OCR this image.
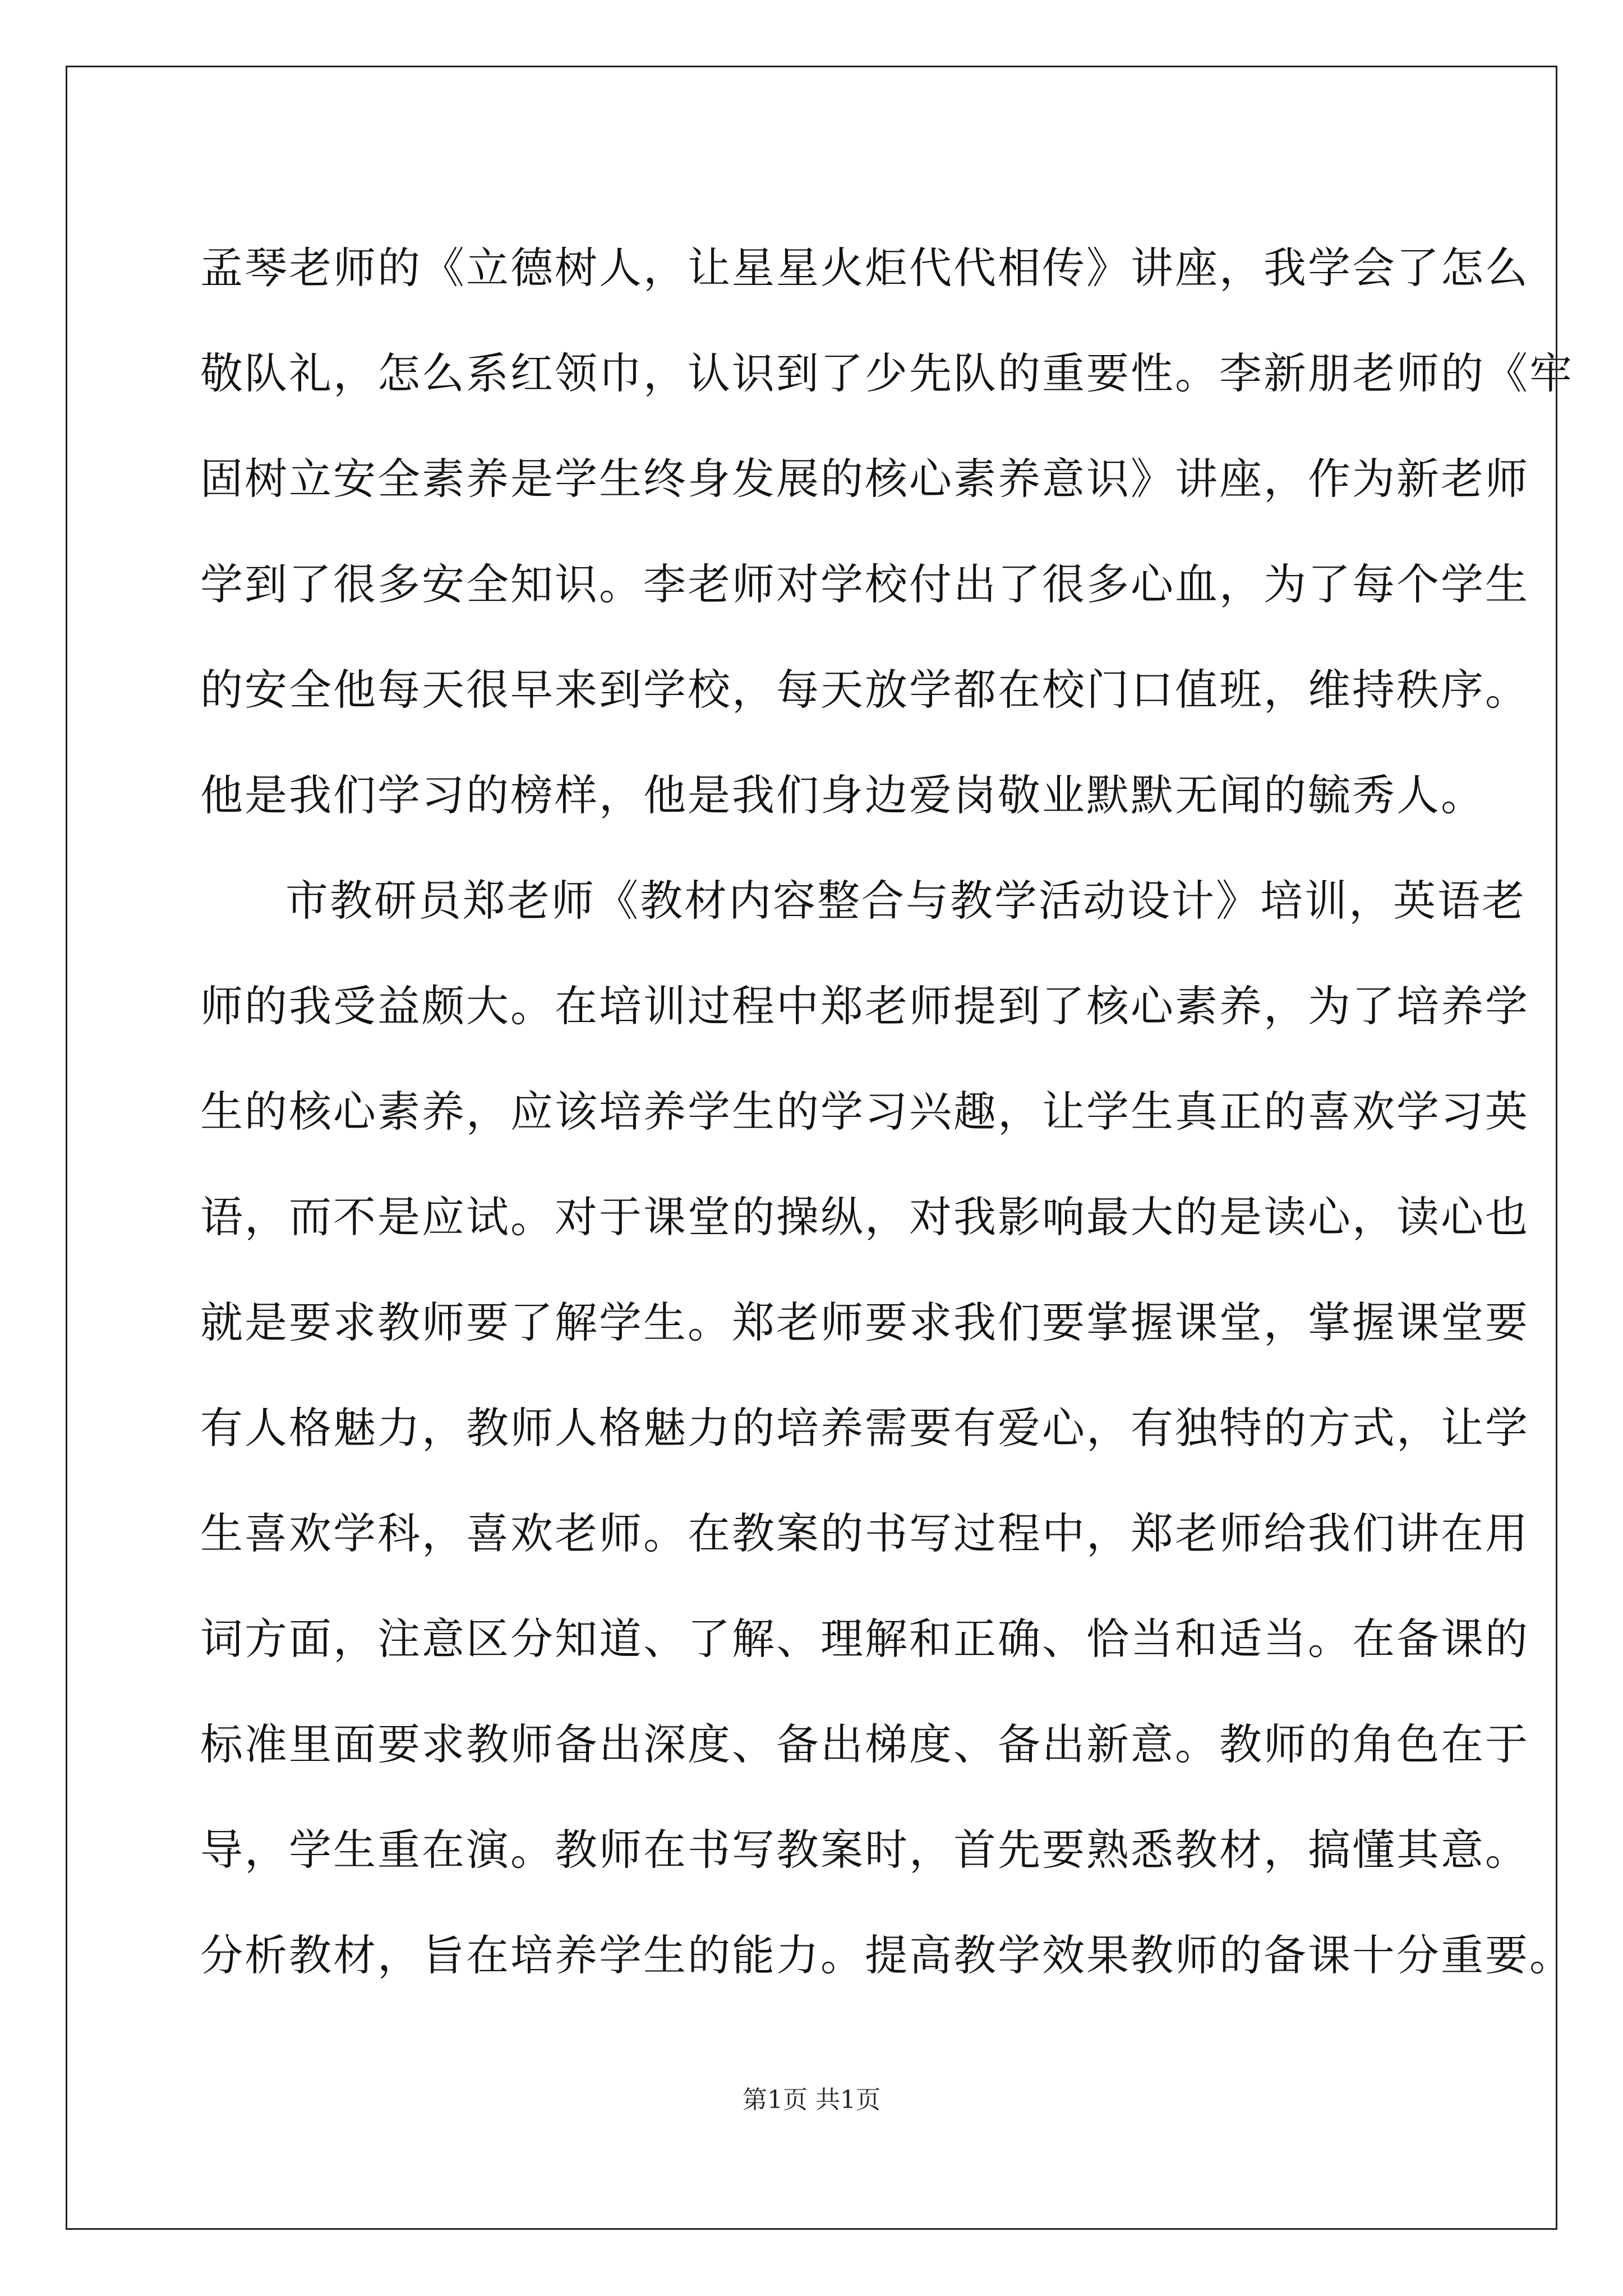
孟琴老师的《立德树人，让星星火炬代代相传》讲座，我学会了怎么
敬队礼，怎么系红领巾，认识到了少先队的重要性。李新朋老师的《牢
固树立安全素养是学生终身发展的核心素养意识》讲座，作为新老师
学到了很多安全知识。李老师对学校付出了很多心血，为了每个学生
的安全他每天很早来到学校，每天放学都在校门口值班，维持秩序。
他是我们学习的榜样，他是我们身边爱岗敬业默默无闻的毓秀人。
市教研员郑老师《教材内容整合与教学活动设计》培训，英语老
师的我受益颇大。在培训过程中郑老师提到了核心素养，为了培养学
生的核心素养，应该培养学生的学习兴趣，让学生真正的喜欢学习英
语，而不是应试。对于课堂的操纵，对我影响最大的是读心，读心也
就是要求教师要了解学生。郑老师要求我们要掌握课堂，掌握课堂要
有人格魅力，教师人格魅力的培养需要有爱心，有独特的方式，让学
生喜欢学科，喜欢老师。在教案的书写过程中，郑老师给我们讲在用
词方面，注意区分知道、了解、理解和正确、恰当和适当。在备课的
标准里面要求教师备出深度、备出梯度、备出新意。教师的角色在于
导，学生重在演。教师在书写教案时，首先要熟悉教材，搞懂其意。
分析教材，旨在培养学生的能力。提高教学效果教师的备课十分重要。
第1页 共1页
